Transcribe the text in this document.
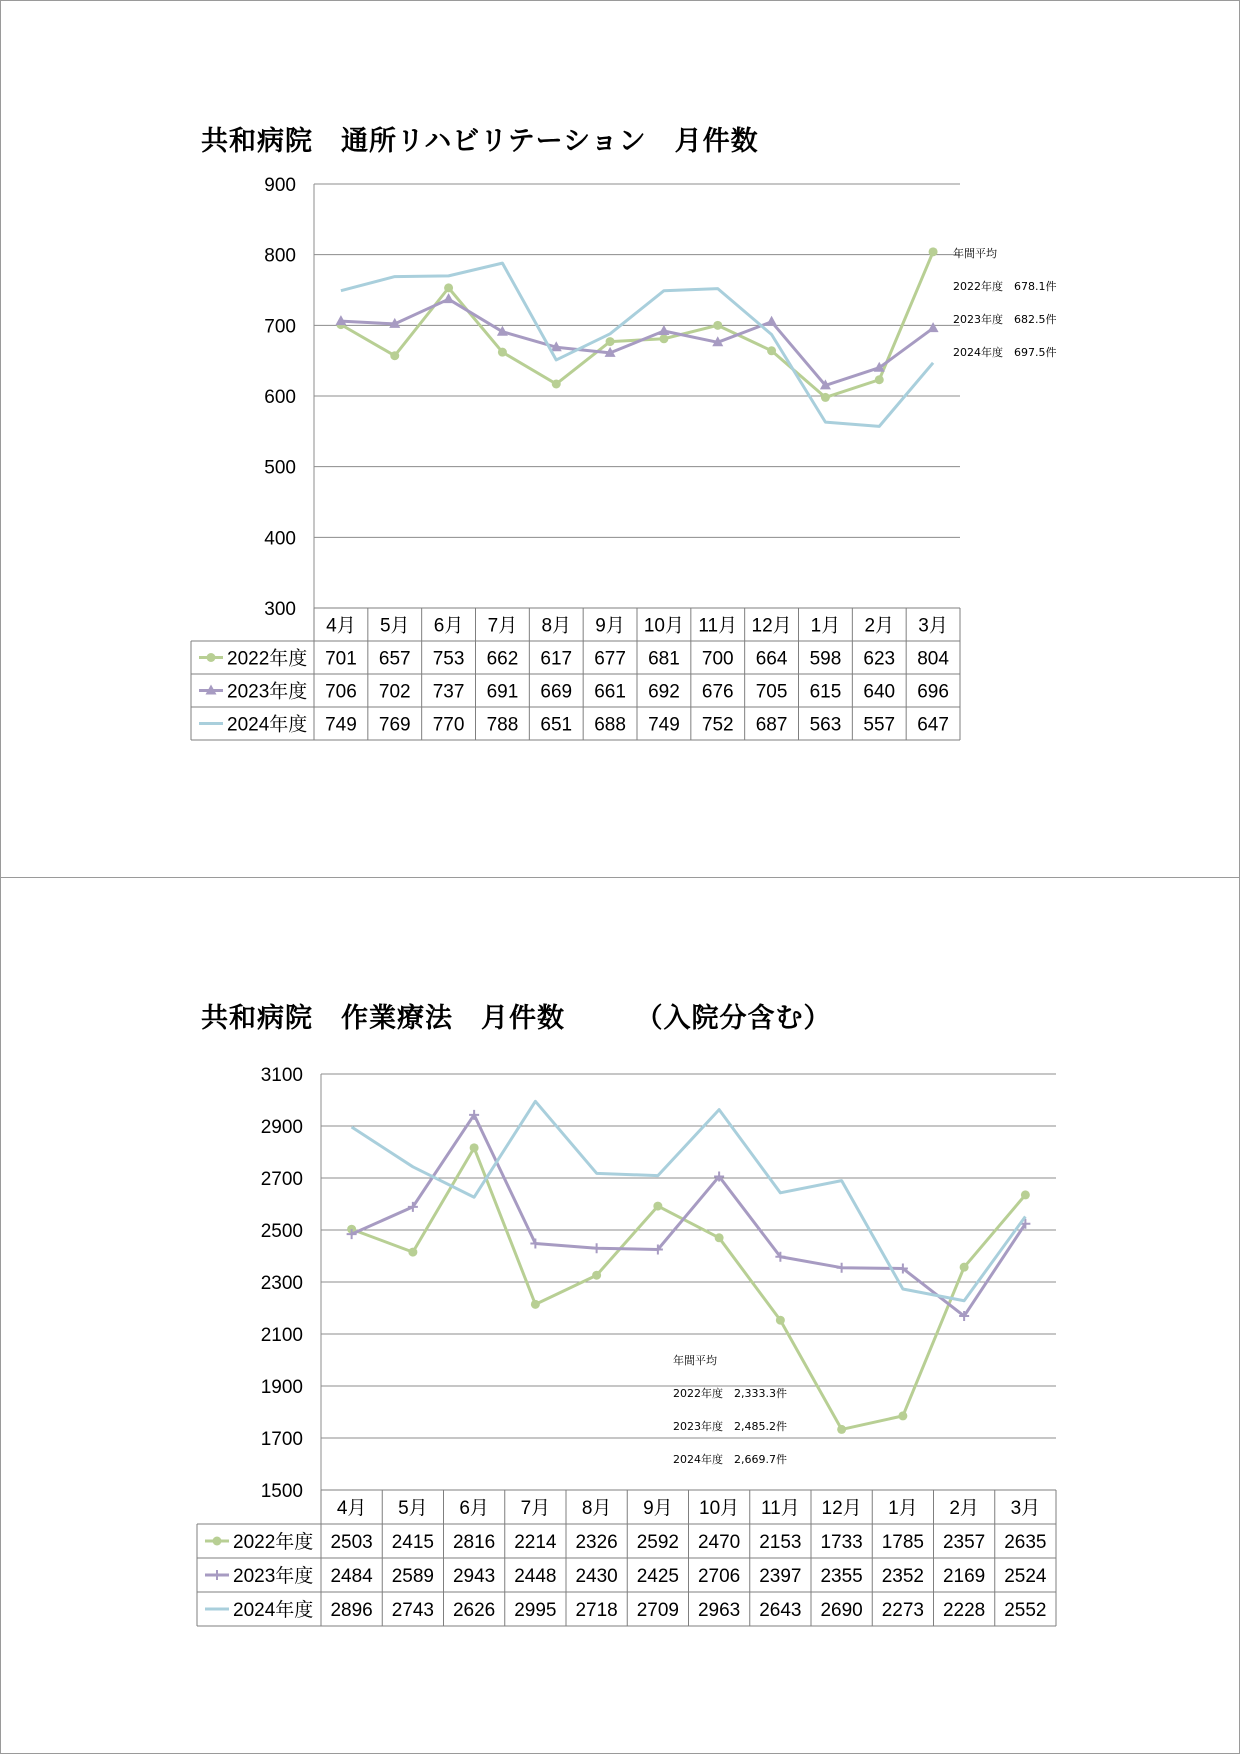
共和病院　通所リハビリテーション　月件数
300
400
500
600
700
800
900
4月 5月 6月 7月 8月 9月 10月 11月 12月 1月 2月 3月
2022年度 701 657 753 662 617 677 681 700 664 598 623 804
2023年度 706 702 737 691 669 661 692 676 705 615 640 696
2024年度 749 769 770 788 651 688 749 752 687 563 557 647
年間平均
2022年度　678.1件
2023年度　682.5件
2024年度　697.5件
共和病院　作業療法　月件数　　　（入院分含む）
1500
1700
1900
2100
2300
2500
2700
2900
3100
4月 5月 6月 7月 8月 9月 10月 11月 12月 1月 2月 3月
2022年度 2503 2415 2816 2214 2326 2592 2470 2153 1733 1785 2357 2635
2023年度 2484 2589 2943 2448 2430 2425 2706 2397 2355 2352 2169 2524
2024年度 2896 2743 2626 2995 2718 2709 2963 2643 2690 2273 2228 2552
年間平均
2022年度　2,333.3件
2023年度　2,485.2件
2024年度　2,669.7件
